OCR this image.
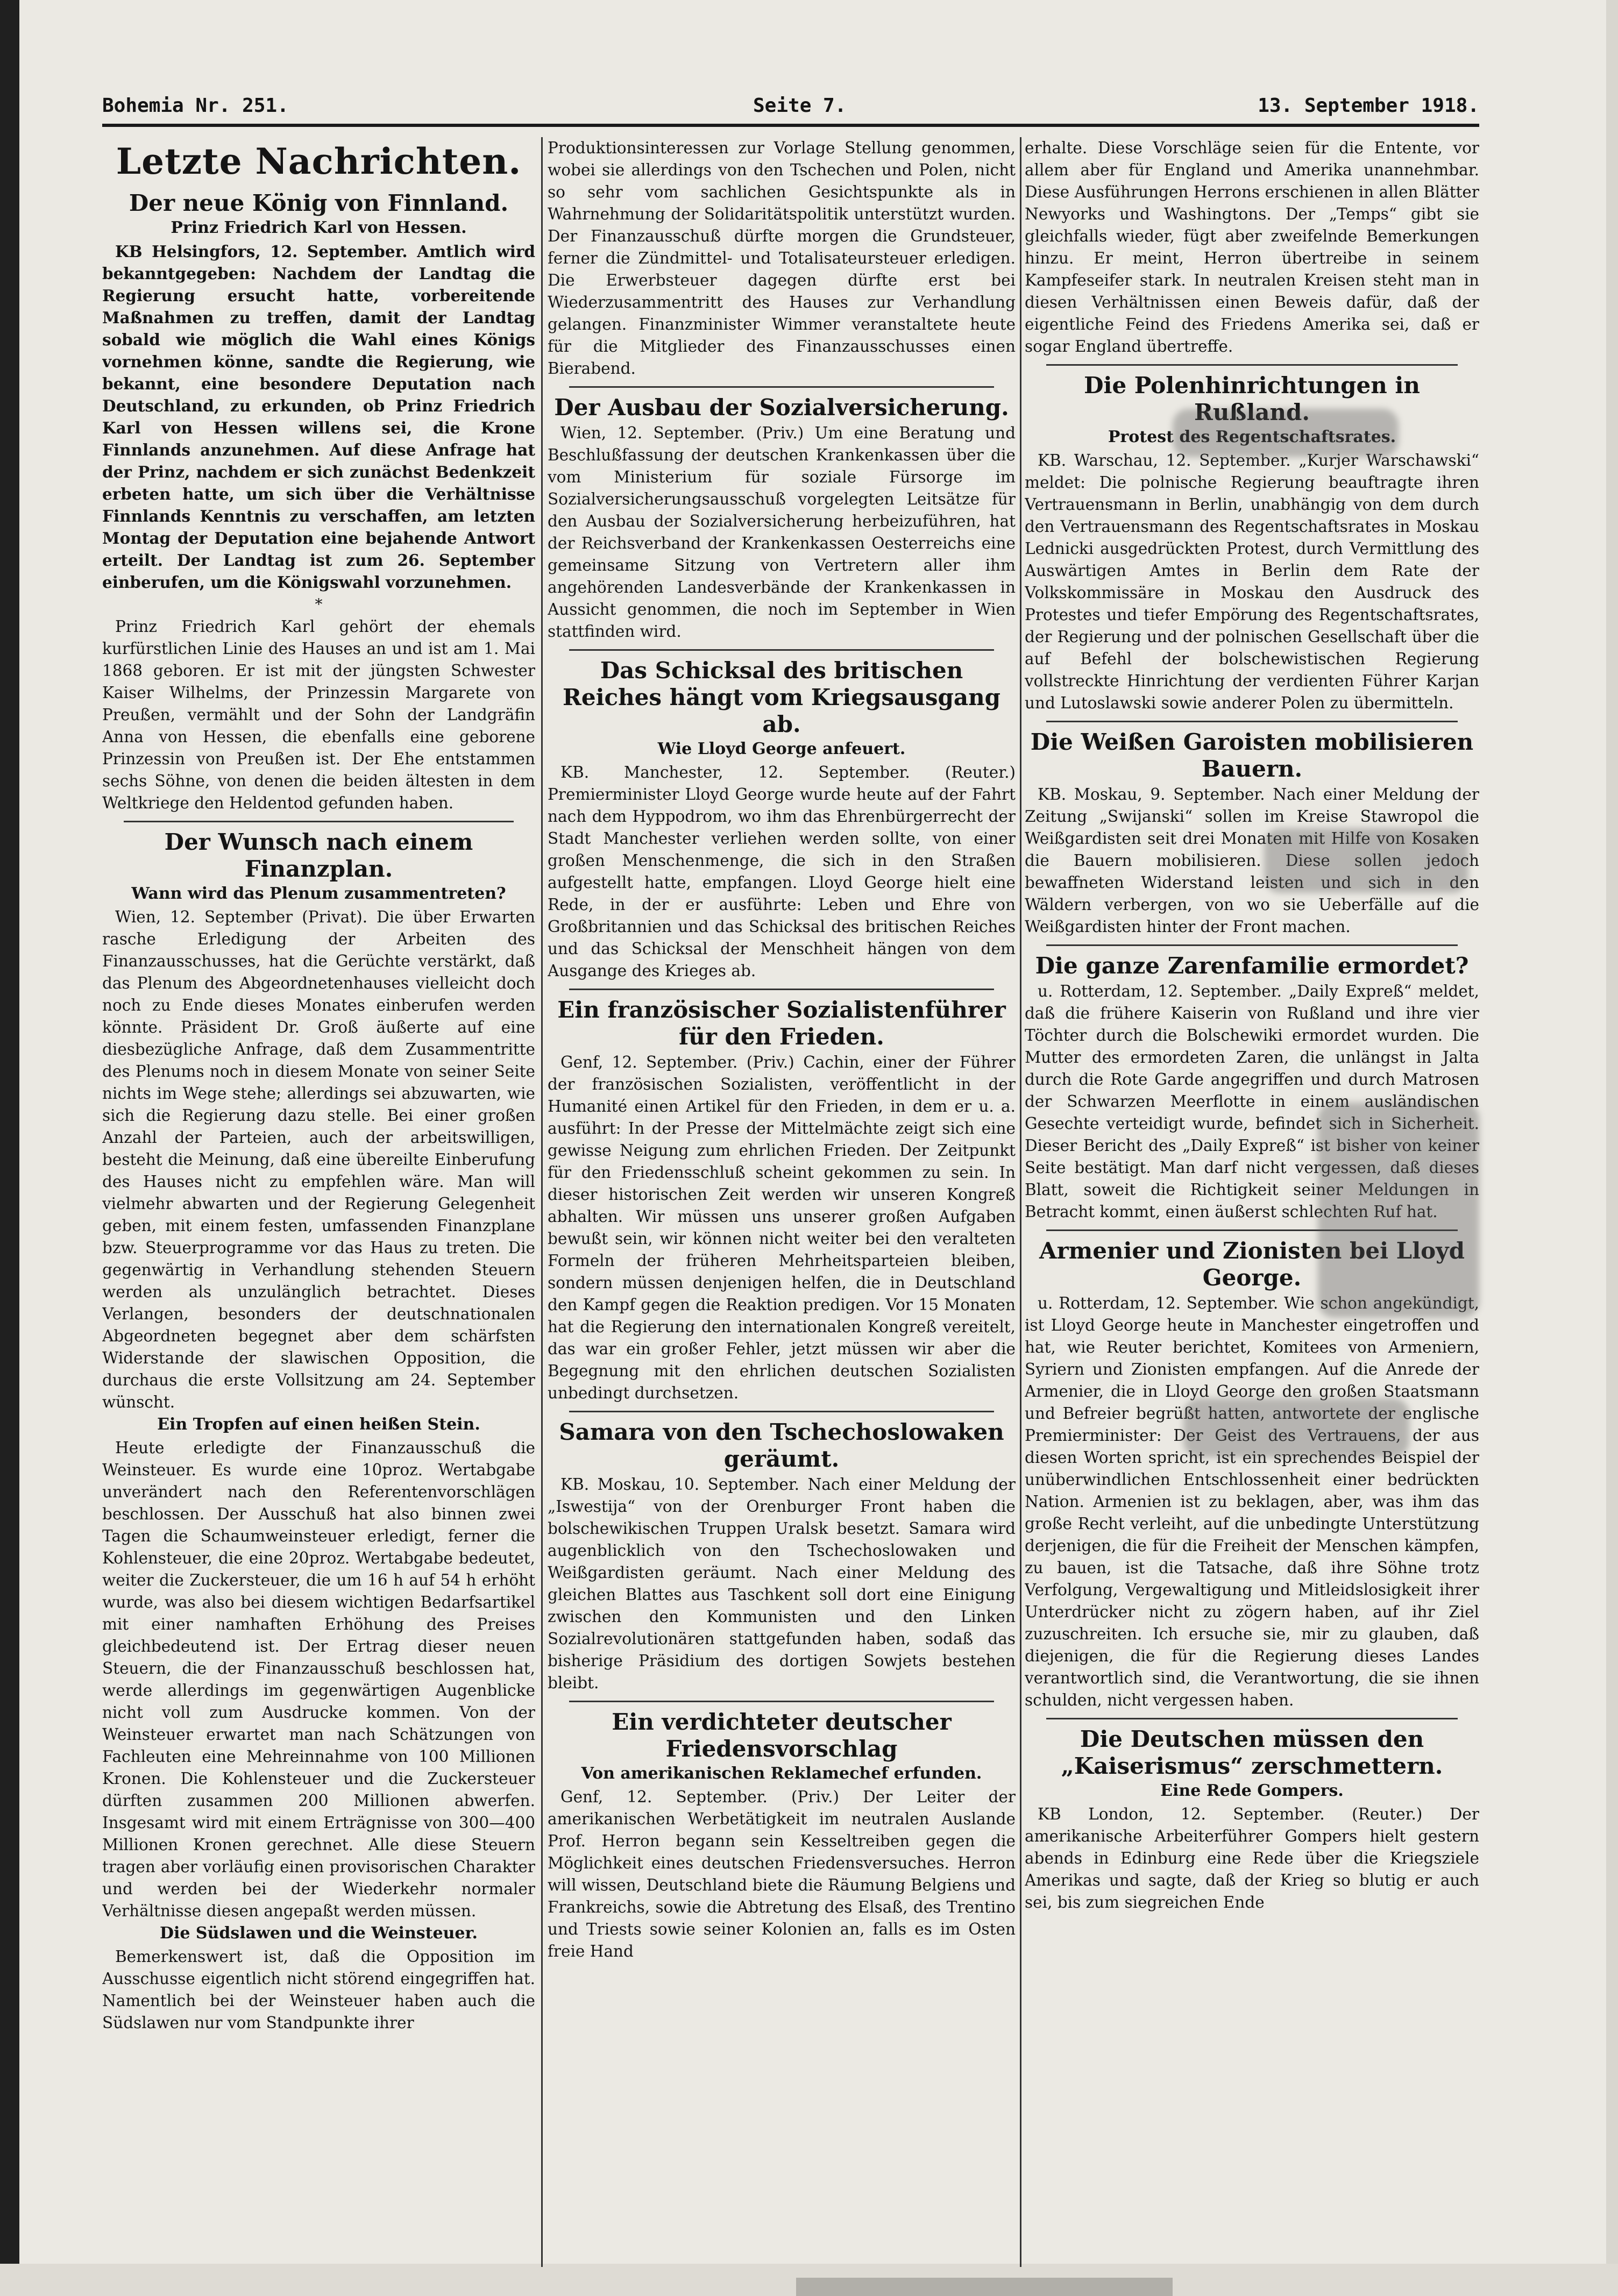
Bohemia Nr. 251.	Seite 7.	13. September 1918.
Letzte Nachrichten.
Der neue König von Finnland.
Prinz Friedrich Karl von Hessen.

KB Helsingfors, 12. September. Amtlich wird bekanntgegeben: Nachdem der Landtag die Regierung ersucht hatte, vorbereitende Maßnahmen zu treffen, damit der Landtag sobald wie möglich die Wahl eines Königs vornehmen könne, sandte die Regierung, wie bekannt, eine besondere Deputation nach Deutschland, zu erkunden, ob Prinz Friedrich Karl von Hessen willens sei, die Krone Finnlands anzunehmen. Auf diese Anfrage hat der Prinz, nachdem er sich zunächst Bedenkzeit erbeten hatte, um sich über die Verhältnisse Finnlands Kenntnis zu verschaffen, am letzten Montag der Deputation eine bejahende Antwort erteilt. Der Landtag ist zum 26. September einberufen, um die Königswahl vorzunehmen.

*

Prinz Friedrich Karl gehört der ehemals kurfürstlichen Linie des Hauses an und ist am 1. Mai 1868 geboren. Er ist mit der jüngsten Schwester Kaiser Wilhelms, der Prinzessin Margarete von Preußen, vermählt und der Sohn der Landgräfin Anna von Hessen, die ebenfalls eine geborene Prinzessin von Preußen ist. Der Ehe entstammen sechs Söhne, von denen die beiden ältesten in dem Weltkriege den Heldentod gefunden haben.

Der Wunsch nach einem Finanzplan.
Wann wird das Plenum zusammentreten?

Wien, 12. September (Privat). Die über Erwarten rasche Erledigung der Arbeiten des Finanzausschusses, hat die Gerüchte verstärkt, daß das Plenum des Abgeordnetenhauses vielleicht doch noch zu Ende dieses Monates einberufen werden könnte. Präsident Dr. Groß äußerte auf eine diesbezügliche Anfrage, daß dem Zusammentritte des Plenums noch in diesem Monate von seiner Seite nichts im Wege stehe; allerdings sei abzuwarten, wie sich die Regierung dazu stelle. Bei einer großen Anzahl der Parteien, auch der arbeitswilligen, besteht die Meinung, daß eine übereilte Einberufung des Hauses nicht zu empfehlen wäre. Man will vielmehr abwarten und der Regierung Gelegenheit geben, mit einem festen, umfassenden Finanzplane bzw. Steuerprogramme vor das Haus zu treten. Die gegenwärtig in Verhandlung stehenden Steuern werden als unzulänglich betrachtet. Dieses Verlangen, besonders der deutschnationalen Abgeordneten begegnet aber dem schärfsten Widerstande der slawischen Opposition, die durchaus die erste Vollsitzung am 24. September wünscht.

Ein Tropfen auf einen heißen Stein.

Heute erledigte der Finanzausschuß die Weinsteuer. Es wurde eine 10proz. Wertabgabe unverändert nach den Referentenvorschlägen beschlossen. Der Ausschuß hat also binnen zwei Tagen die Schaumweinsteuer erledigt, ferner die Kohlensteuer, die eine 20proz. Wertabgabe bedeutet, weiter die Zuckersteuer, die um 16 h auf 54 h erhöht wurde, was also bei diesem wichtigen Bedarfsartikel mit einer namhaften Erhöhung des Preises gleichbedeutend ist. Der Ertrag dieser neuen Steuern, die der Finanzausschuß beschlossen hat, werde allerdings im gegenwärtigen Augenblicke nicht voll zum Ausdrucke kommen. Von der Weinsteuer erwartet man nach Schätzungen von Fachleuten eine Mehreinnahme von 100 Millionen Kronen. Die Kohlensteuer und die Zuckersteuer dürften zusammen 200 Millionen abwerfen. Insgesamt wird mit einem Erträgnisse von 300—400 Millionen Kronen gerechnet. Alle diese Steuern tragen aber vorläufig einen provisorischen Charakter und werden bei der Wiederkehr normaler Verhältnisse diesen angepaßt werden müssen.

Die Südslawen und die Weinsteuer.

Bemerkenswert ist, daß die Opposition im Ausschusse eigentlich nicht störend eingegriffen hat. Namentlich bei der Weinsteuer haben auch die Südslawen nur vom Standpunkte ihrer

Produktionsinteressen zur Vorlage Stellung genommen, wobei sie allerdings von den Tschechen und Polen, nicht so sehr vom sachlichen Gesichtspunkte als in Wahrnehmung der Solidaritätspolitik unterstützt wurden. Der Finanzausschuß dürfte morgen die Grundsteuer, ferner die Zündmittel- und Totalisateursteuer erledigen. Die Erwerbsteuer dagegen dürfte erst bei Wiederzusammentritt des Hauses zur Verhandlung gelangen. Finanzminister Wimmer veranstaltete heute für die Mitglieder des Finanzausschusses einen Bierabend.

Der Ausbau der Sozialversicherung.

Wien, 12. September. (Priv.) Um eine Beratung und Beschlußfassung der deutschen Krankenkassen über die vom Ministerium für soziale Fürsorge im Sozialversicherungsausschuß vorgelegten Leitsätze für den Ausbau der Sozialversicherung herbeizuführen, hat der Reichsverband der Krankenkassen Oesterreichs eine gemeinsame Sitzung von Vertretern aller ihm angehörenden Landesverbände der Krankenkassen in Aussicht genommen, die noch im September in Wien stattfinden wird.

Das Schicksal des britischen Reiches hängt vom Kriegsausgang ab.
Wie Lloyd George anfeuert.

KB. Manchester, 12. September. (Reuter.) Premierminister Lloyd George wurde heute auf der Fahrt nach dem Hyppodrom, wo ihm das Ehrenbürgerrecht der Stadt Manchester verliehen werden sollte, von einer großen Menschenmenge, die sich in den Straßen aufgestellt hatte, empfangen. Lloyd George hielt eine Rede, in der er ausführte: Leben und Ehre von Großbritannien und das Schicksal des britischen Reiches und das Schicksal der Menschheit hängen von dem Ausgange des Krieges ab.

Ein französischer Sozialistenführer für den Frieden.

Genf, 12. September. (Priv.) Cachin, einer der Führer der französischen Sozialisten, veröffentlicht in der Humanité einen Artikel für den Frieden, in dem er u. a. ausführt: In der Presse der Mittelmächte zeigt sich eine gewisse Neigung zum ehrlichen Frieden. Der Zeitpunkt für den Friedensschluß scheint gekommen zu sein. In dieser historischen Zeit werden wir unseren Kongreß abhalten. Wir müssen uns unserer großen Aufgaben bewußt sein, wir können nicht weiter bei den veralteten Formeln der früheren Mehrheitsparteien bleiben, sondern müssen denjenigen helfen, die in Deutschland den Kampf gegen die Reaktion predigen. Vor 15 Monaten hat die Regierung den internationalen Kongreß vereitelt, das war ein großer Fehler, jetzt müssen wir aber die Begegnung mit den ehrlichen deutschen Sozialisten unbedingt durchsetzen.

Samara von den Tschechoslowaken geräumt.

KB. Moskau, 10. September. Nach einer Meldung der „Iswestija“ von der Orenburger Front haben die bolschewikischen Truppen Uralsk besetzt. Samara wird augenblicklich von den Tschechoslowaken und Weißgardisten geräumt. Nach einer Meldung des gleichen Blattes aus Taschkent soll dort eine Einigung zwischen den Kommunisten und den Linken Sozialrevolutionären stattgefunden haben, sodaß das bisherige Präsidium des dortigen Sowjets bestehen bleibt.

Ein verdichteter deutscher Friedensvorschlag
Von amerikanischen Reklamechef erfunden.

Genf, 12. September. (Priv.) Der Leiter der amerikanischen Werbetätigkeit im neutralen Auslande Prof. Herron begann sein Kesseltreiben gegen die Möglichkeit eines deutschen Friedensversuches. Herron will wissen, Deutschland biete die Räumung Belgiens und Frankreichs, sowie die Abtretung des Elsaß, des Trentino und Triests sowie seiner Kolonien an, falls es im Osten freie Hand

erhalte. Diese Vorschläge seien für die Entente, vor allem aber für England und Amerika unannehmbar. Diese Ausführungen Herrons erschienen in allen Blätter Newyorks und Washingtons. Der „Temps“ gibt sie gleichfalls wieder, fügt aber zweifelnde Bemerkungen hinzu. Er meint, Herron übertreibe in seinem Kampfeseifer stark. In neutralen Kreisen steht man in diesen Verhältnissen einen Beweis dafür, daß der eigentliche Feind des Friedens Amerika sei, daß er sogar England übertreffe.

Die Polenhinrichtungen in Rußland.
Protest des Regentschaftsrates.

KB. Warschau, 12. September. „Kurjer Warschawski“ meldet: Die polnische Regierung beauftragte ihren Vertrauensmann in Berlin, unabhängig von dem durch den Vertrauensmann des Regentschaftsrates in Moskau Lednicki ausgedrückten Protest, durch Vermittlung des Auswärtigen Amtes in Berlin dem Rate der Volkskommissäre in Moskau den Ausdruck des Protestes und tiefer Empörung des Regentschaftsrates, der Regierung und der polnischen Gesellschaft über die auf Befehl der bolschewistischen Regierung vollstreckte Hinrichtung der verdienten Führer Karjan und Lutoslawski sowie anderer Polen zu übermitteln.

Die Weißen Garoisten mobilisieren Bauern.

KB. Moskau, 9. September. Nach einer Meldung der Zeitung „Swijanski“ sollen im Kreise Stawropol die Weißgardisten seit drei Monaten mit Hilfe von Kosaken die Bauern mobilisieren. Diese sollen jedoch bewaffneten Widerstand leisten und sich in den Wäldern verbergen, von wo sie Ueberfälle auf die Weißgardisten hinter der Front machen.

Die ganze Zarenfamilie ermordet?

u. Rotterdam, 12. September. „Daily Expreß“ meldet, daß die frühere Kaiserin von Rußland und ihre vier Töchter durch die Bolschewiki ermordet wurden. Die Mutter des ermordeten Zaren, die unlängst in Jalta durch die Rote Garde angegriffen und durch Matrosen der Schwarzen Meerflotte in einem ausländischen Gesechte verteidigt wurde, befindet sich in Sicherheit. Dieser Bericht des „Daily Expreß“ ist bisher von keiner Seite bestätigt. Man darf nicht vergessen, daß dieses Blatt, soweit die Richtigkeit seiner Meldungen in Betracht kommt, einen äußerst schlechten Ruf hat.

Armenier und Zionisten bei Lloyd George.

u. Rotterdam, 12. September. Wie schon angekündigt, ist Lloyd George heute in Manchester eingetroffen und hat, wie Reuter berichtet, Komitees von Armeniern, Syriern und Zionisten empfangen. Auf die Anrede der Armenier, die in Lloyd George den großen Staatsmann und Befreier begrüßt hatten, antwortete der englische Premierminister: Der Geist des Vertrauens, der aus diesen Worten spricht, ist ein sprechendes Beispiel der unüberwindlichen Entschlossenheit einer bedrückten Nation. Armenien ist zu beklagen, aber, was ihm das große Recht verleiht, auf die unbedingte Unterstützung derjenigen, die für die Freiheit der Menschen kämpfen, zu bauen, ist die Tatsache, daß ihre Söhne trotz Verfolgung, Vergewaltigung und Mitleidslosigkeit ihrer Unterdrücker nicht zu zögern haben, auf ihr Ziel zuzuschreiten. Ich ersuche sie, mir zu glauben, daß diejenigen, die für die Regierung dieses Landes verantwortlich sind, die Verantwortung, die sie ihnen schulden, nicht vergessen haben.

Die Deutschen müssen den „Kaiserismus“ zerschmettern.
Eine Rede Gompers.

KB London, 12. September. (Reuter.) Der amerikanische Arbeiterführer Gompers hielt gestern abends in Edinburg eine Rede über die Kriegsziele Amerikas und sagte, daß der Krieg so blutig er auch sei, bis zum siegreichen Ende
